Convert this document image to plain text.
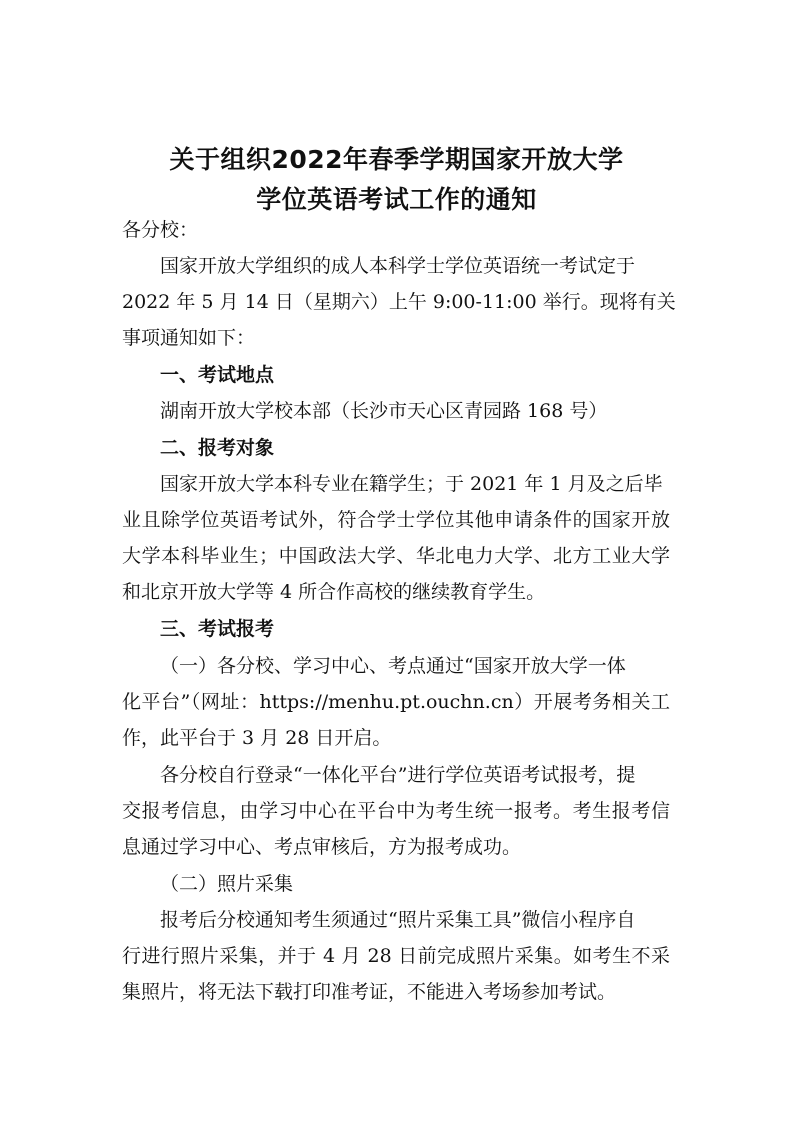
关于组织2022年春季学期国家开放大学
学位英语考试工作的通知
各分校：
国家开放大学组织的成人本科学士学位英语统一考试定于
2022 年 5 月 14 日（星期六）上午 9:00-11:00 举行。现将有关
事项通知如下：
一、考试地点
湖南开放大学校本部（长沙市天心区青园路 168 号）
二、报考对象
国家开放大学本科专业在籍学生；于 2021 年 1 月及之后毕
业且除学位英语考试外，符合学士学位其他申请条件的国家开放
大学本科毕业生；中国政法大学、华北电力大学、北方工业大学
和北京开放大学等 4 所合作高校的继续教育学生。
三、考试报考
（一）各分校、学习中心、考点通过“国家开放大学一体
化平台”（网址：https://menhu.pt.ouchn.cn）开展考务相关工
作，此平台于 3 月 28 日开启。
各分校自行登录“一体化平台”进行学位英语考试报考，提
交报考信息，由学习中心在平台中为考生统一报考。考生报考信
息通过学习中心、考点审核后，方为报考成功。
（二）照片采集
报考后分校通知考生须通过“照片采集工具”微信小程序自
行进行照片采集，并于 4 月 28 日前完成照片采集。如考生不采
集照片，将无法下载打印准考证，不能进入考场参加考试。
